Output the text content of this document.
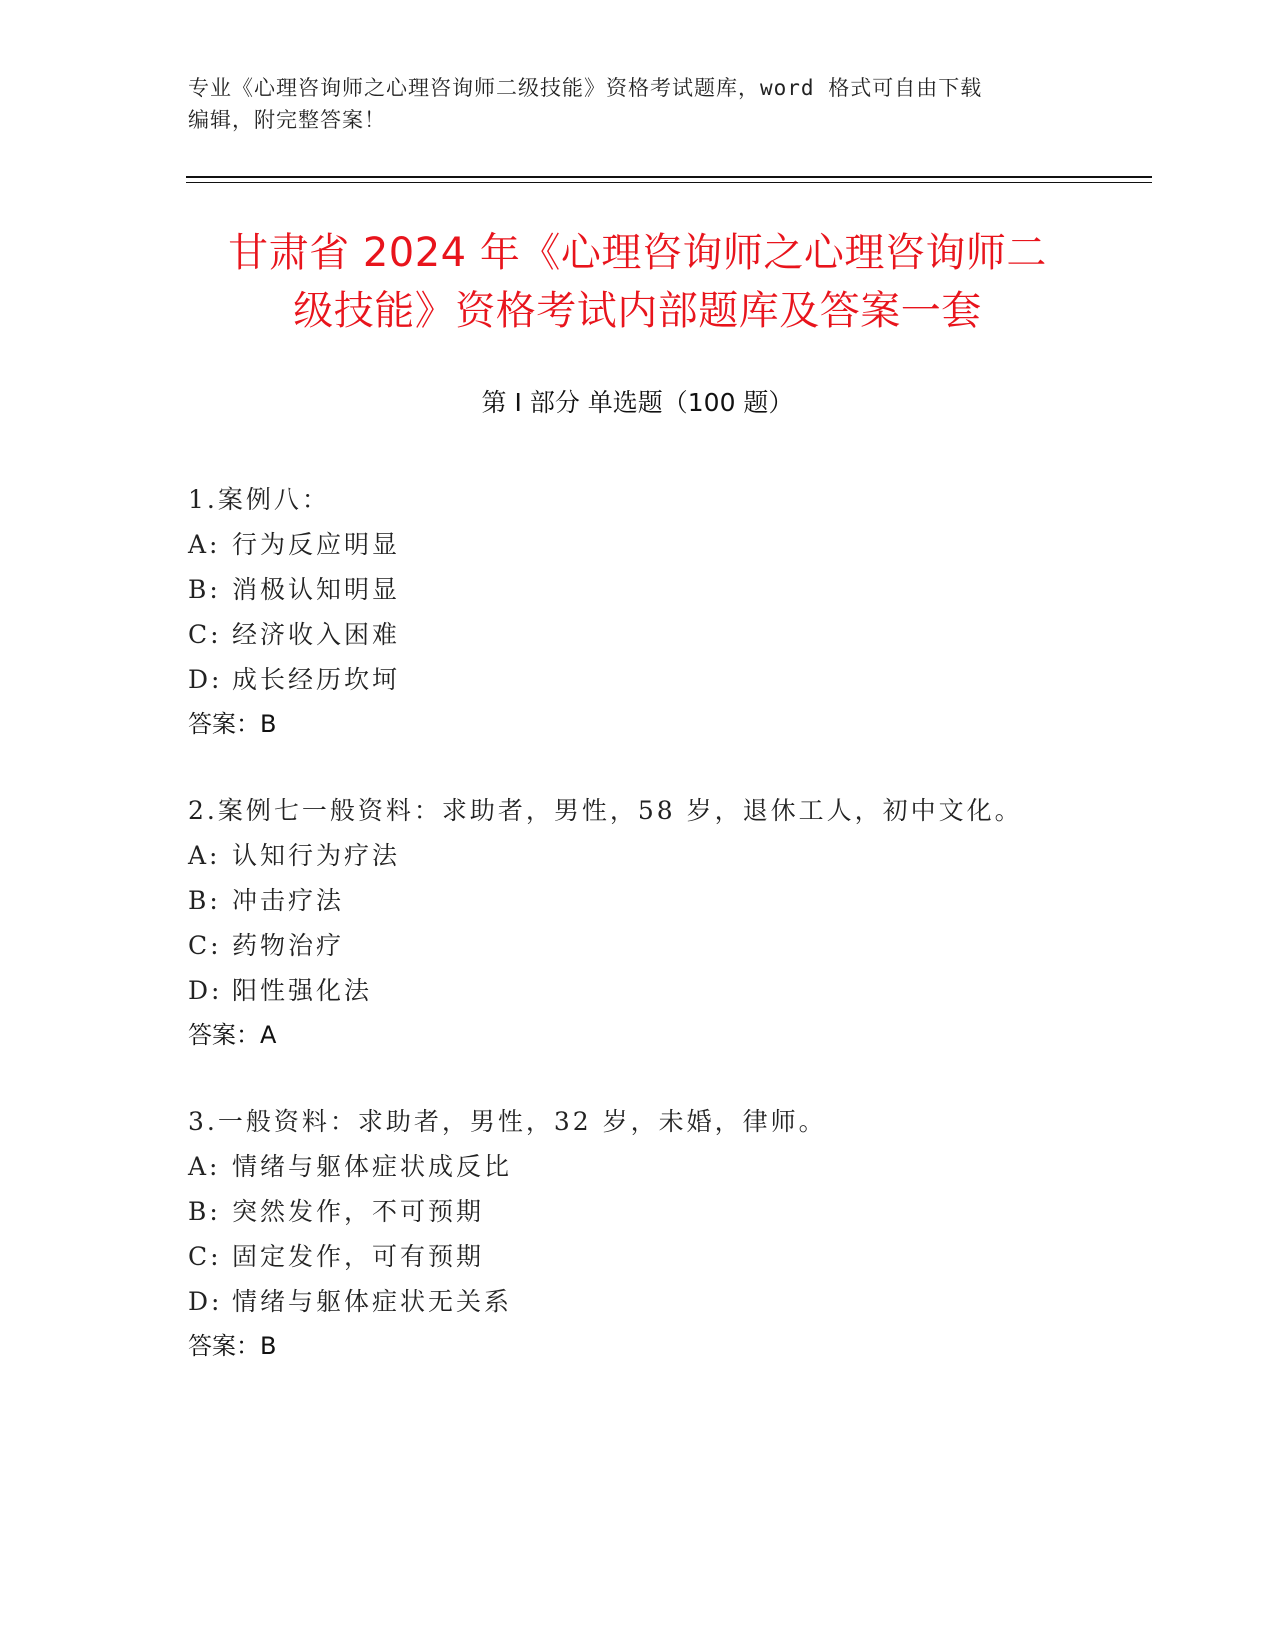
专业《心理咨询师之心理咨询师二级技能》资格考试题库，word 格式可自由下载
编辑，附完整答案！
甘肃省 2024 年《心理咨询师之心理咨询师二
级技能》资格考试内部题库及答案一套
第 I 部分 单选题（100 题）
1.案例八：
A: 行为反应明显
B: 消极认知明显
C: 经济收入困难
D: 成长经历坎坷
答案：B
2.案例七一般资料：求助者，男性，58 岁，退休工人，初中文化。
A: 认知行为疗法
B: 冲击疗法
C: 药物治疗
D: 阳性强化法
答案：A
3.一般资料：求助者，男性，32 岁，未婚，律师。
A: 情绪与躯体症状成反比
B: 突然发作，不可预期
C: 固定发作，可有预期
D: 情绪与躯体症状无关系
答案：B
